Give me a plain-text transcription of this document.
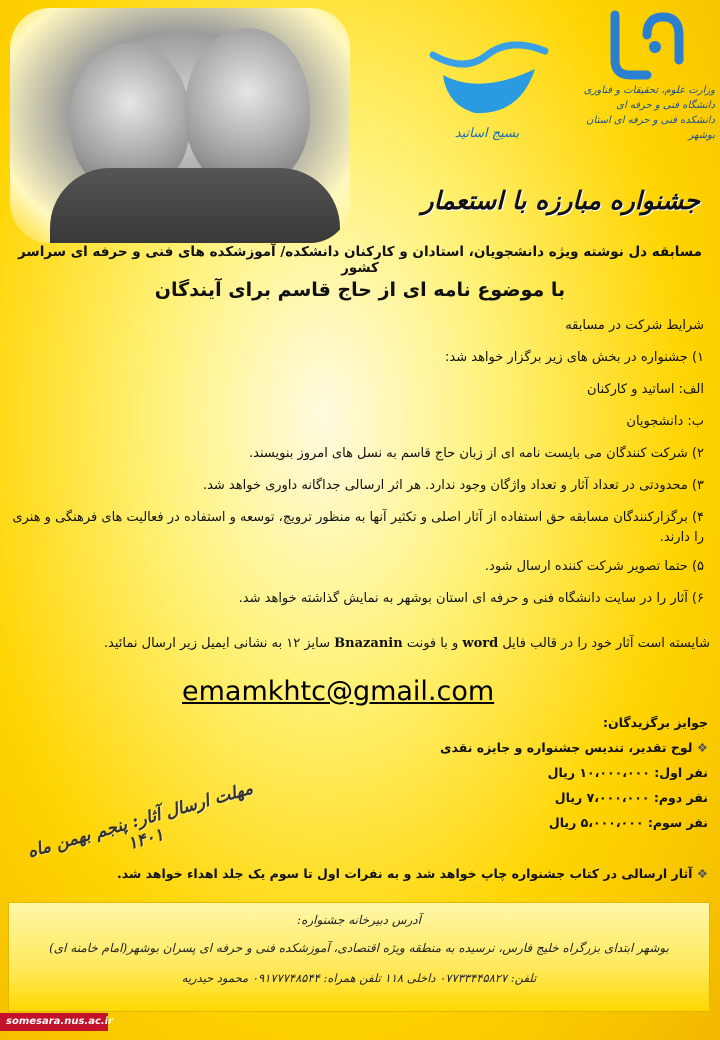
بسیج اساتید
وزارت علوم، تحقیقات و فناوری
دانشگاه فنی و حرفه ای
دانشکده فنی و حرفه ای استان بوشهر
جشنواره مبارزه با استعمار
مسابقه دل نوشته ویژه دانشجویان، استادان و کارکنان دانشکده/ آموزشکده های فنی و حرفه ای سراسر کشور
با موضوع نامه ای از حاج قاسم برای آیندگان

شرایط شرکت در مسابقه

۱) جشنواره در بخش های زیر برگزار خواهد شد:

الف: اساتید و کارکنان

ب: دانشجویان

۲) شرکت کنندگان می بایست نامه ای از زبان حاج قاسم به نسل های امروز بنویسند.

۳) محدودتی در تعداد آثار و تعداد واژگان وجود ندارد. هر اثر ارسالی جداگانه داوری خواهد شد.

۴) برگزارکنندگان مسابقه حق استفاده از آثار اصلی و تکثیر آنها به منظور ترویج، توسعه و استفاده در فعالیت های فرهنگی و هنری را دارند.

۵) حتما تصویر شرکت کننده ارسال شود.

۶) آثار را در سایت دانشگاه فنی و حرفه ای استان بوشهر به نمایش گذاشته خواهد شد.

شایسته است آثار خود را در قالب فایل word و با فونت Bnazanin سایز ۱۲ به نشانی ایمیل زیر ارسال نمائید.
emamkhtc@gmail.com

جوایز برگزیدگان:

❖ لوح تقدیر، تندیس جشنواره و جایزه نقدی

نفر اول: ۱۰،۰۰۰،۰۰۰ ریال

نفر دوم: ۷،۰۰۰،۰۰۰ ریال

نفر سوم: ۵،۰۰۰،۰۰۰ ریال

مهلت ارسال آثار: پنجم بهمن ماه ۱۴۰۱
❖ آثار ارسالی در کتاب جشنواره چاپ خواهد شد و به نفرات اول تا سوم یک جلد اهداء خواهد شد.
آدرس دبیرخانه جشنواره:
بوشهر ابتدای بزرگراه خلیج فارس، نرسیده به منطقه ویژه اقتصادی، آموزشکده فنی و حرفه ای پسران بوشهر(امام خامنه ای)
تلفن: ۰۷۷۳۳۴۴۵۸۲۷ داخلی ۱۱۸ تلفن همراه: ۰۹۱۷۷۷۴۸۵۴۴ محمود حیدریه
somesara.nus.ac.ir
